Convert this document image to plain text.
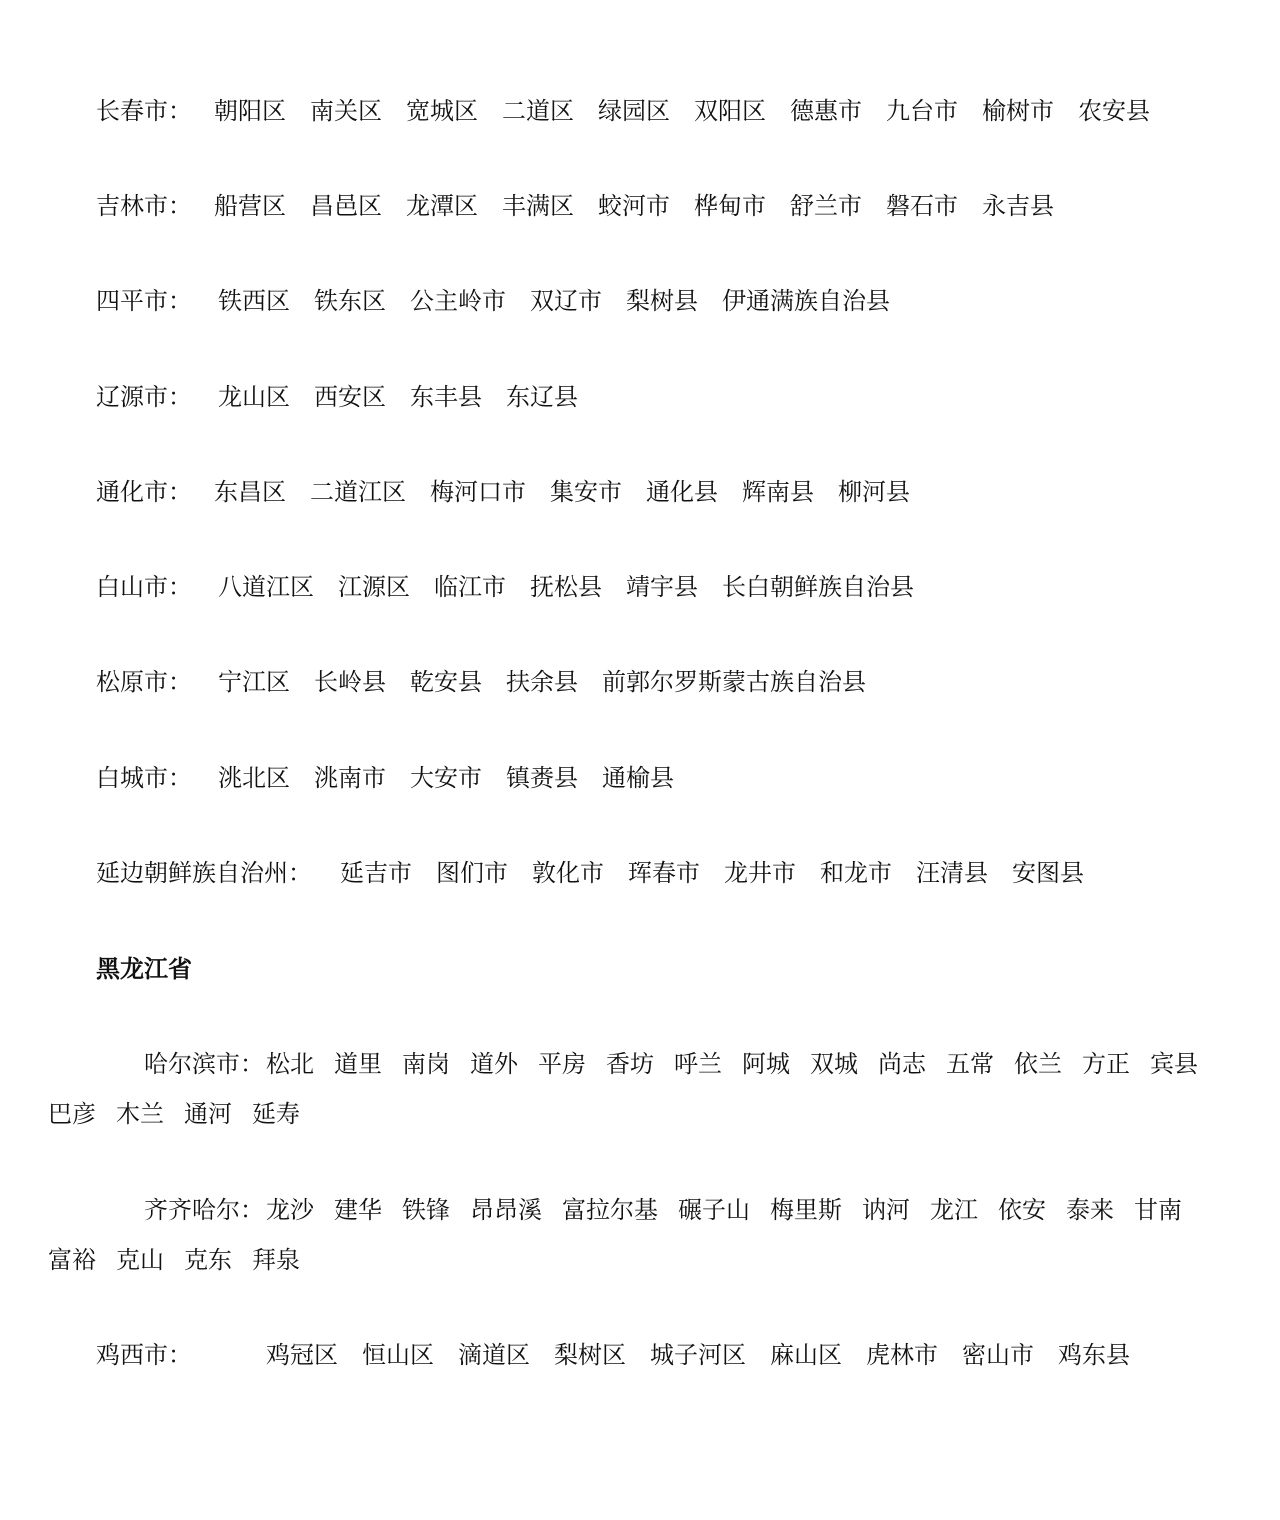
长春市： 朝阳区 南关区 宽城区 二道区 绿园区 双阳区 德惠市 九台市 榆树市 农安县
吉林市： 船营区 昌邑区 龙潭区 丰满区 蛟河市 桦甸市 舒兰市 磐石市 永吉县
四平市： 铁西区 铁东区 公主岭市 双辽市 梨树县 伊通满族自治县
辽源市： 龙山区 西安区 东丰县 东辽县
通化市： 东昌区 二道江区 梅河口市 集安市 通化县 辉南县 柳河县
白山市： 八道江区 江源区 临江市 抚松县 靖宇县 长白朝鲜族自治县
松原市： 宁江区 长岭县 乾安县 扶余县 前郭尔罗斯蒙古族自治县
白城市： 洮北区 洮南市 大安市 镇赉县 通榆县
延边朝鲜族自治州： 延吉市 图们市 敦化市 珲春市 龙井市 和龙市 汪清县 安图县
黑龙江省
哈尔滨市：松北 道里 南岗 道外 平房 香坊 呼兰 阿城 双城 尚志 五常 依兰 方正 宾县巴彦 木兰 通河 延寿
齐齐哈尔：龙沙 建华 铁锋 昂昂溪 富拉尔基 碾子山 梅里斯 讷河 龙江 依安 泰来 甘南富裕 克山 克东 拜泉
鸡西市：	鸡冠区 恒山区 滴道区 梨树区 城子河区 麻山区 虎林市 密山市 鸡东县
